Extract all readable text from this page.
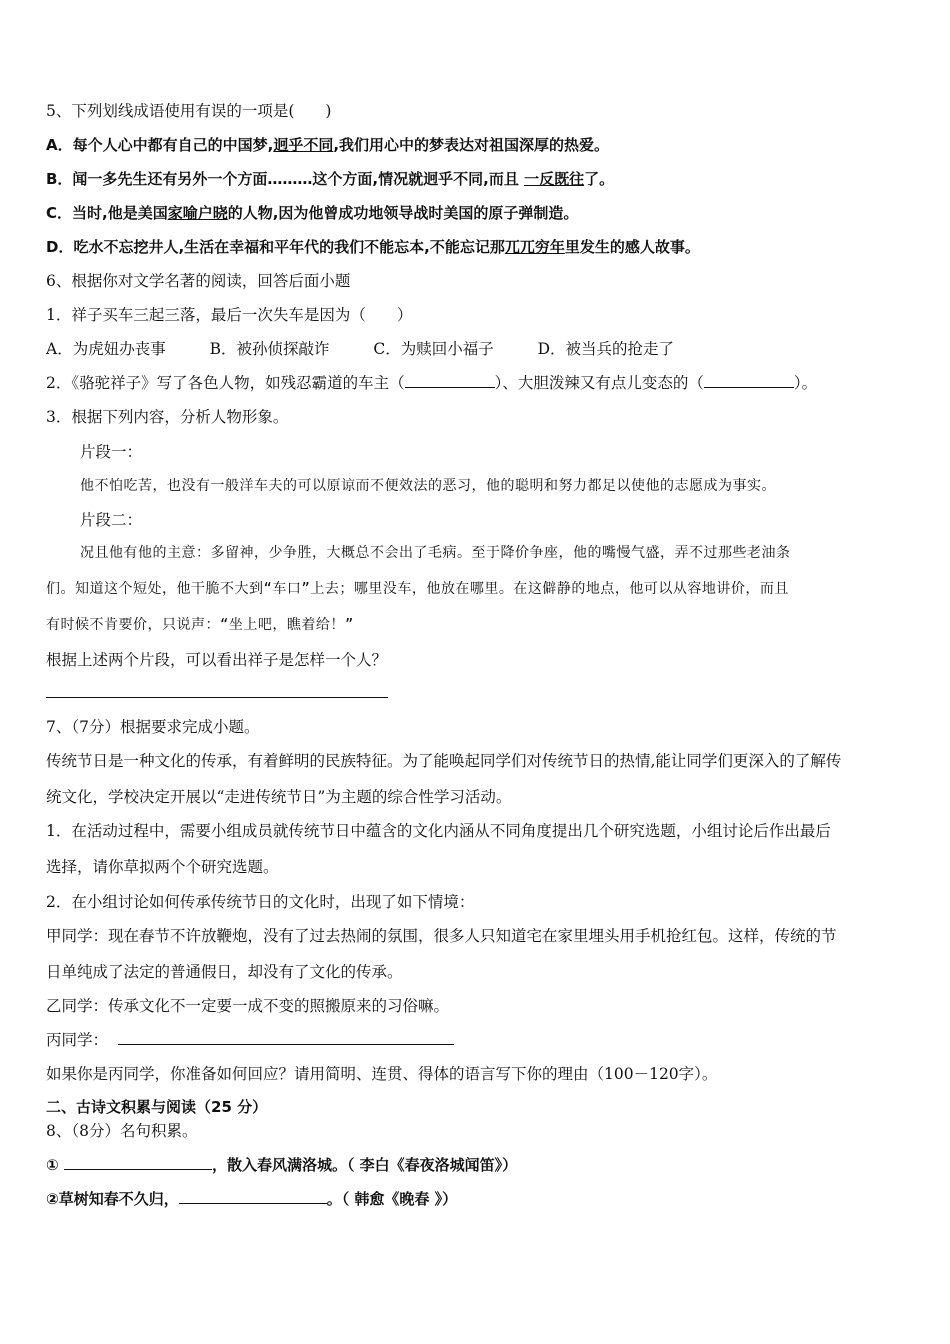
5、下列划线成语使用有误的一项是(　　)
A．每个人心中都有自己的中国梦,迥乎不同,我们用心中的梦表达对祖国深厚的热爱。
B．闻一多先生还有另外一个方面………这个方面,情况就迥乎不同,而且 一反既往了。
C．当时,他是美国家喻户晓的人物,因为他曾成功地领导战时美国的原子弹制造。
D．吃水不忘挖井人,生活在幸福和平年代的我们不能忘本,不能忘记那兀兀穷年里发生的感人故事。
6、根据你对文学名著的阅读，回答后面小题
1．祥子买车三起三落，最后一次失车是因为（　　）
A．为虎妞办丧事	B．被孙侦探敲诈	C．为赎回小福子	D．被当兵的抢走了
2．《骆驼祥子》写了各色人物，如残忍霸道的车主（	）、大胆泼辣又有点儿变态的（	）。
3．根据下列内容，分析人物形象。
片段一：
他不怕吃苦，也没有一般洋车夫的可以原谅而不便效法的恶习，他的聪明和努力都足以使他的志愿成为事实。
片段二：
况且他有他的主意：多留神，少争胜，大概总不会出了毛病。至于降价争座，他的嘴慢气盛，弄不过那些老油条
们。知道这个短处，他干脆不大到“车口”上去；哪里没车，他放在哪里。在这僻静的地点，他可以从容地讲价，而且
有时候不肯要价，只说声：“坐上吧，瞧着给！”
根据上述两个片段，可以看出祥子是怎样一个人？
7、（7分）根据要求完成小题。
传统节日是一种文化的传承，有着鲜明的民族特征。为了能唤起同学们对传统节日的热情,能让同学们更深入的了解传
统文化，学校决定开展以“走进传统节日”为主题的综合性学习活动。
1．在活动过程中，需要小组成员就传统节日中蕴含的文化内涵从不同角度提出几个研究选题，小组讨论后作出最后
选择，请你草拟两个个研究选题。
2．在小组讨论如何传承传统节日的文化时，出现了如下情境：
甲同学：现在春节不许放鞭炮，没有了过去热闹的氛围，很多人只知道宅在家里埋头用手机抢红包。这样，传统的节
日单纯成了法定的普通假日，却没有了文化的传承。
乙同学：传承文化不一定要一成不变的照搬原来的习俗嘛。
丙同学：
如果你是丙同学，你准备如何回应？请用简明、连贯、得体的语言写下你的理由（100－120字）。
二、古诗文积累与阅读（25 分）
8、（8分）名句积累。
①	，散入春风满洛城。（ 李白《春夜洛城闻笛》）
②草树知春不久归，	。（ 韩愈《晚春 》）
